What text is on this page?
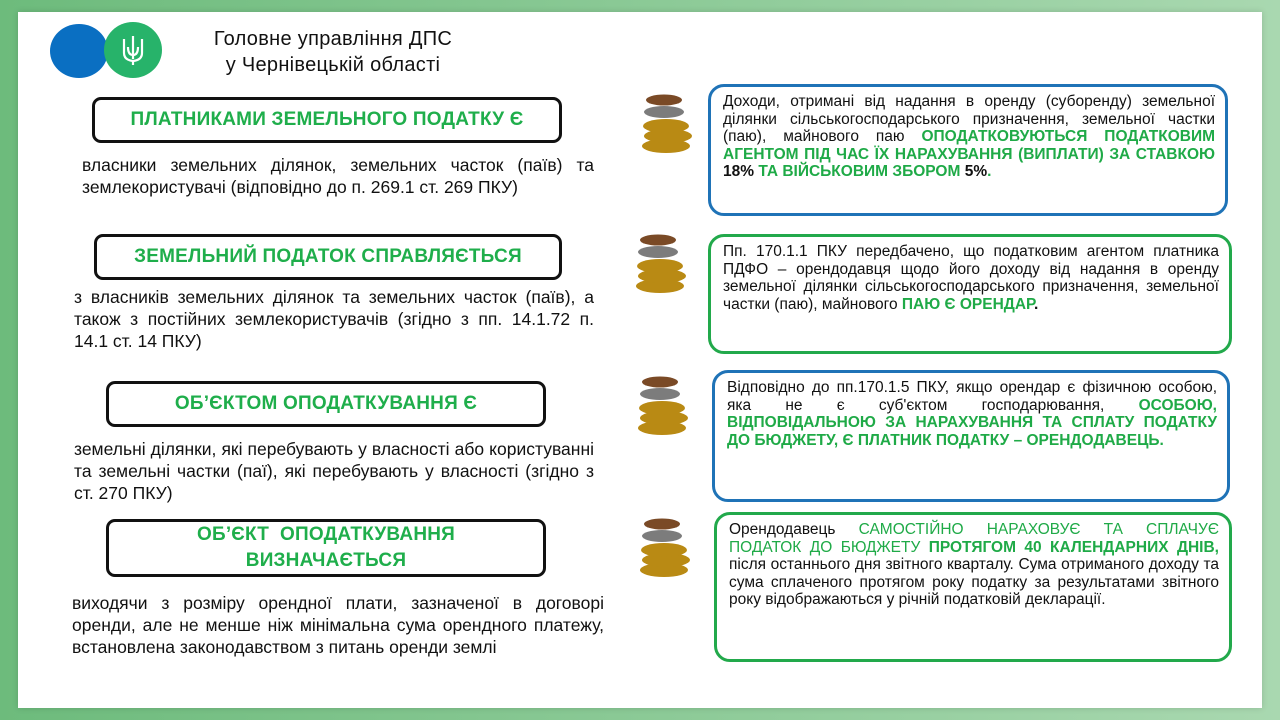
Головне управління ДПС
у Чернівецькій області
ПЛАТНИКАМИ ЗЕМЕЛЬНОГО ПОДАТКУ Є
власники земельних ділянок, земельних часток (паїв) та землекористувачі (відповідно до п. 269.1 ст. 269 ПКУ)
ЗЕМЕЛЬНИЙ ПОДАТОК СПРАВЛЯЄТЬСЯ
з власників земельних ділянок та земельних часток (паїв), а також з постійних землекористувачів (згідно з пп. 14.1.72 п. 14.1 ст. 14 ПКУ)
ОБ’ЄКТОМ ОПОДАТКУВАННЯ Є
земельні ділянки, які перебувають у власності або користуванні та земельні частки (паї), які перебувають у власності (згідно з ст. 270 ПКУ)
ОБ’ЄКТ  ОПОДАТКУВАННЯ
ВИЗНАЧАЄТЬСЯ
виходячи з розміру орендної плати, зазначеної в договорі оренди, але не менше ніж мінімальна сума орендного платежу, встановлена законодавством з питань оренди землі
Доходи, отримані від надання в оренду (суборенду) земельної ділянки сільськогосподарського призначення, земельної частки (паю), майнового паю ОПОДАТКОВУЮТЬСЯ ПОДАТКОВИМ АГЕНТОМ ПІД ЧАС ЇХ НАРАХУВАННЯ (ВИПЛАТИ) ЗА СТАВКОЮ 18% ТА ВІЙСЬКОВИМ ЗБОРОМ 5%.
Пп. 170.1.1 ПКУ передбачено, що податковим агентом платника ПДФО – орендодавця щодо його доходу від надання в оренду земельної ділянки сільськогосподарського призначення, земельної частки (паю), майнового ПАЮ Є ОРЕНДАР.
Відповідно до пп.170.1.5 ПКУ, якщо орендар є фізичною особою, яка не є суб'єктом господарювання, ОСОБОЮ, ВІДПОВІДАЛЬНОЮ ЗА НАРАХУВАННЯ ТА СПЛАТУ ПОДАТКУ ДО БЮДЖЕТУ, Є ПЛАТНИК ПОДАТКУ – ОРЕНДОДАВЕЦЬ.
Орендодавець САМОСТІЙНО НАРАХОВУЄ ТА СПЛАЧУЄ ПОДАТОК ДО БЮДЖЕТУ ПРОТЯГОМ 40 КАЛЕНДАРНИХ ДНІВ, після останнього дня звітного кварталу. Сума отриманого доходу та сума сплаченого протягом року податку за результатами звітного року відображаються у річній податковій декларації.
